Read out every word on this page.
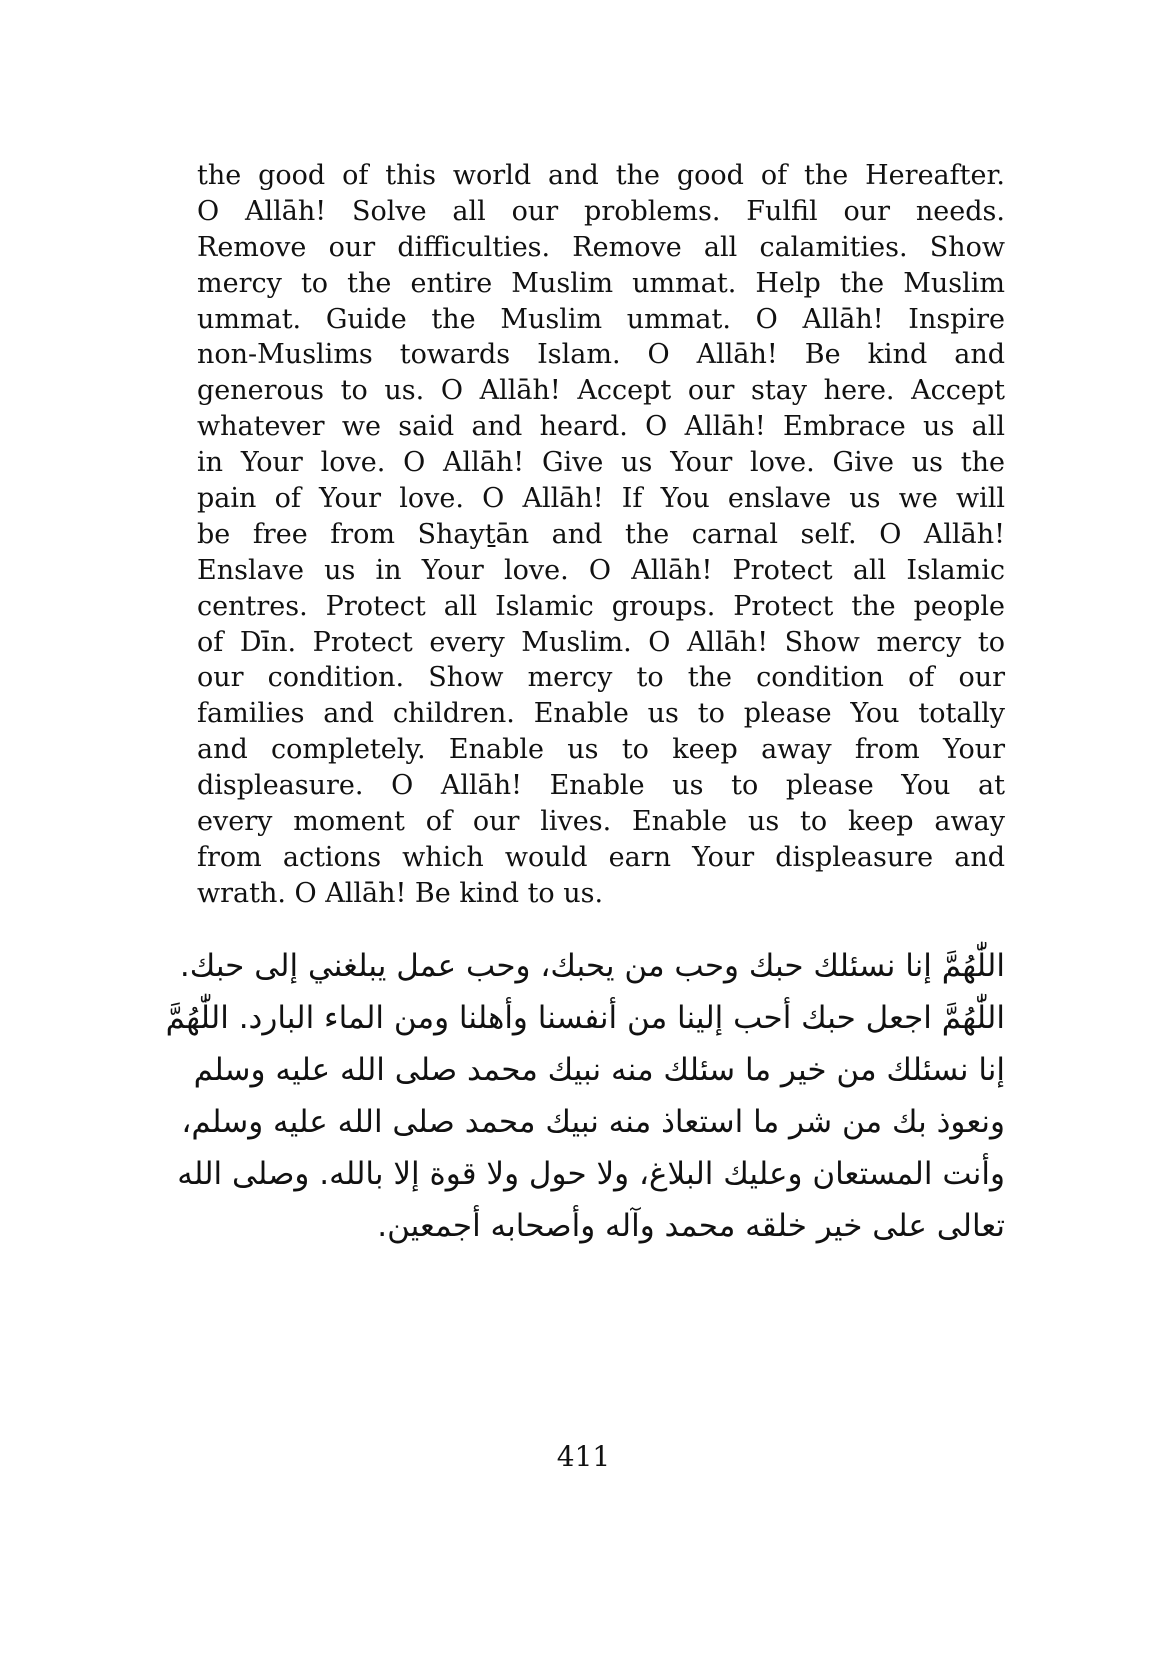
the good of this world and the good of the Hereafter.
O Allāh! Solve all our problems. Fulfil our needs.
Remove our difficulties. Remove all calamities. Show
mercy to the entire Muslim ummat. Help the Muslim
ummat. Guide the Muslim ummat. O Allāh! Inspire
non-Muslims towards Islam. O Allāh! Be kind and
generous to us. O Allāh! Accept our stay here. Accept
whatever we said and heard. O Allāh! Embrace us all
in Your love. O Allāh! Give us Your love. Give us the
pain of Your love. O Allāh! If You enslave us we will
be free from Shayṯān and the carnal self. O Allāh!
Enslave us in Your love. O Allāh! Protect all Islamic
centres. Protect all Islamic groups. Protect the people
of Dīn. Protect every Muslim. O Allāh! Show mercy to
our condition. Show mercy to the condition of our
families and children. Enable us to please You totally
and completely. Enable us to keep away from Your
displeasure. O Allāh! Enable us to please You at
every moment of our lives. Enable us to keep away
from actions which would earn Your displeasure and
wrath. O Allāh! Be kind to us.
اللّٰهُمَّ إنا نسئلك حبك وحب من يحبك، وحب عمل يبلغني إلى حبك.
اللّٰهُمَّ اجعل حبك أحب إلينا من أنفسنا وأهلنا ومن الماء البارد. اللّٰهُمَّ
إنا نسئلك من خير ما سئلك منه نبيك محمد صلى الله عليه وسلم
ونعوذ بك من شر ما استعاذ منه نبيك محمد صلى الله عليه وسلم،
وأنت المستعان وعليك البلاغ، ولا حول ولا قوة إلا بالله. وصلى الله
تعالى على خير خلقه محمد وآله وأصحابه أجمعين.
411
